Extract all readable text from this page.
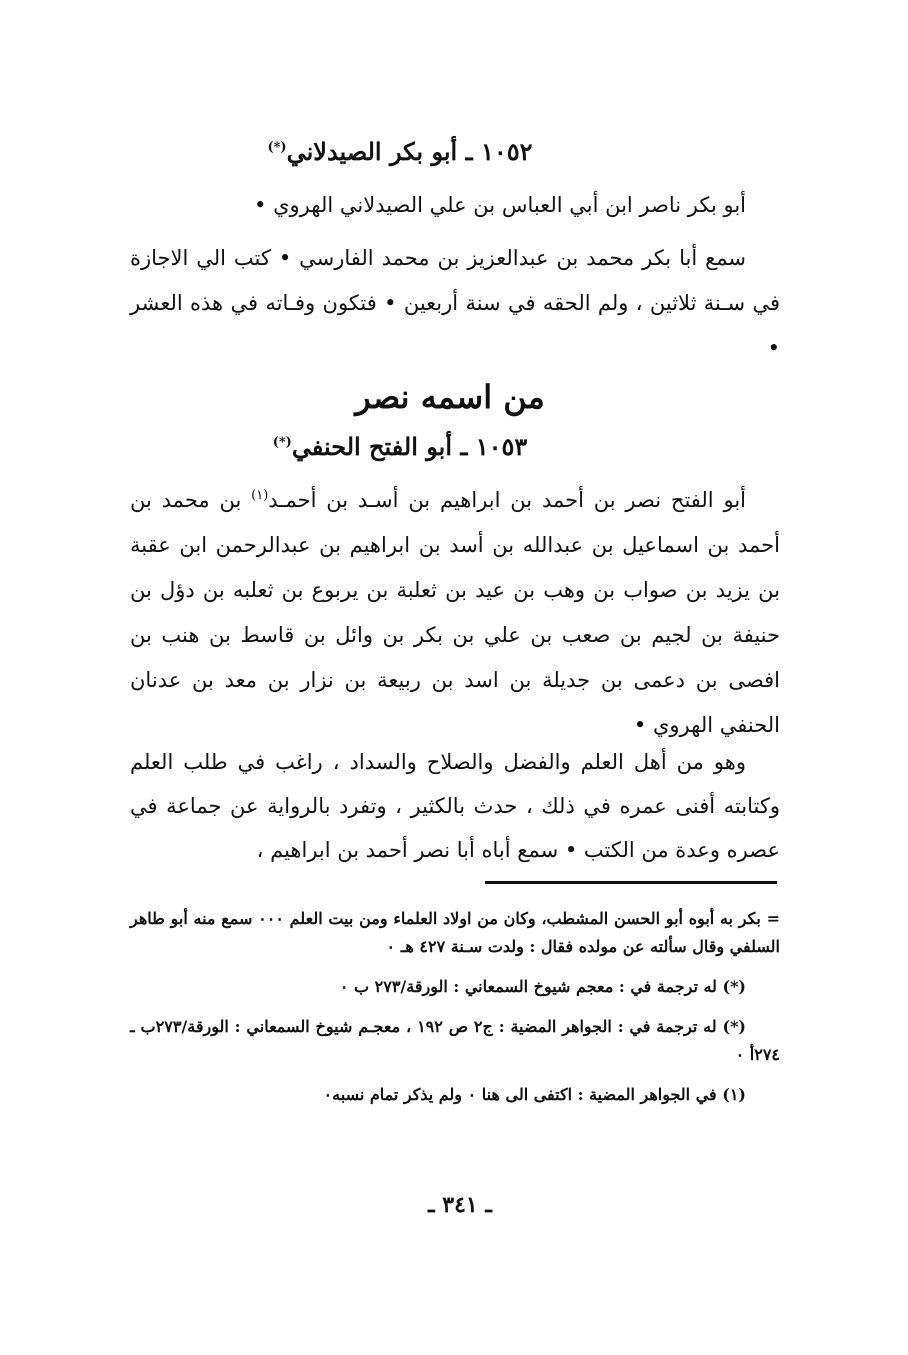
١٠٥٢ ـ أبو بكر الصيدلاني(*)

أبو بكر ناصر ابن أبي العباس بن علي الصيدلاني الهروي •

سمع أبا بكر محمد بن عبدالعزيز بن محمد الفارسي • كتب الي الاجازة في سـنة ثلاثين ، ولم الحقه في سنة أربعين • فتكون وفـاته في هذه العشر •

من اسمه نصر
١٠٥٣ ـ أبو الفتح الحنفي(*)

أبو الفتح نصر بن أحمد بن ابراهيم بن أسـد بن أحمـد$^{(١)}$ بن محمد بن أحمد بن اسماعيل بن عبدالله بن أسد بن ابراهيم بن عبدالرحمن ابن عقبة بن يزيد بن صواب بن وهب بن عيد بن ثعلبة بن يربوع بن ثعلبه بن دؤل بن حنيفة بن لجيم بن صعب بن علي بن بكر بن وائل بن قاسط بن هنب بن افصى بن دعمى بن جديلة بن اسد بن ربيعة بن نزار بن معد بن عدنان الحنفي الهروي •

وهو من أهل العلم والفضل والصلاح والسداد ، راغب في طلب العلم وكتابته أفنى عمره في ذلك ، حدث بالكثير ، وتفرد بالرواية عن جماعة في عصره وعدة من الكتب • سمع أباه أبا نصر أحمد بن ابراهيم ،

= بكر به أبوه أبو الحسن المشطب، وكان من اولاد العلماء ومن بيت العلم ٠٠٠ سمع منه أبو طاهر السلفي وقال سألته عن مولده فقال : ولدت سـنة ٤٢٧ هـ ٠

(*) له ترجمة في : معجم شيوخ السمعاني : الورقة/٢٧٣ ب ٠

(*) له ترجمة في : الجواهر المضية : ج٢ ص ١٩٢ ، معجـم شيوخ السمعاني : الورقة/٢٧٣ب ـ ٢٧٤أ ٠

(١) في الجواهر المضية : اكتفى الى هنا ٠ ولم يذكر تمام نسبه٠

ـ ٣٤١ ـ
